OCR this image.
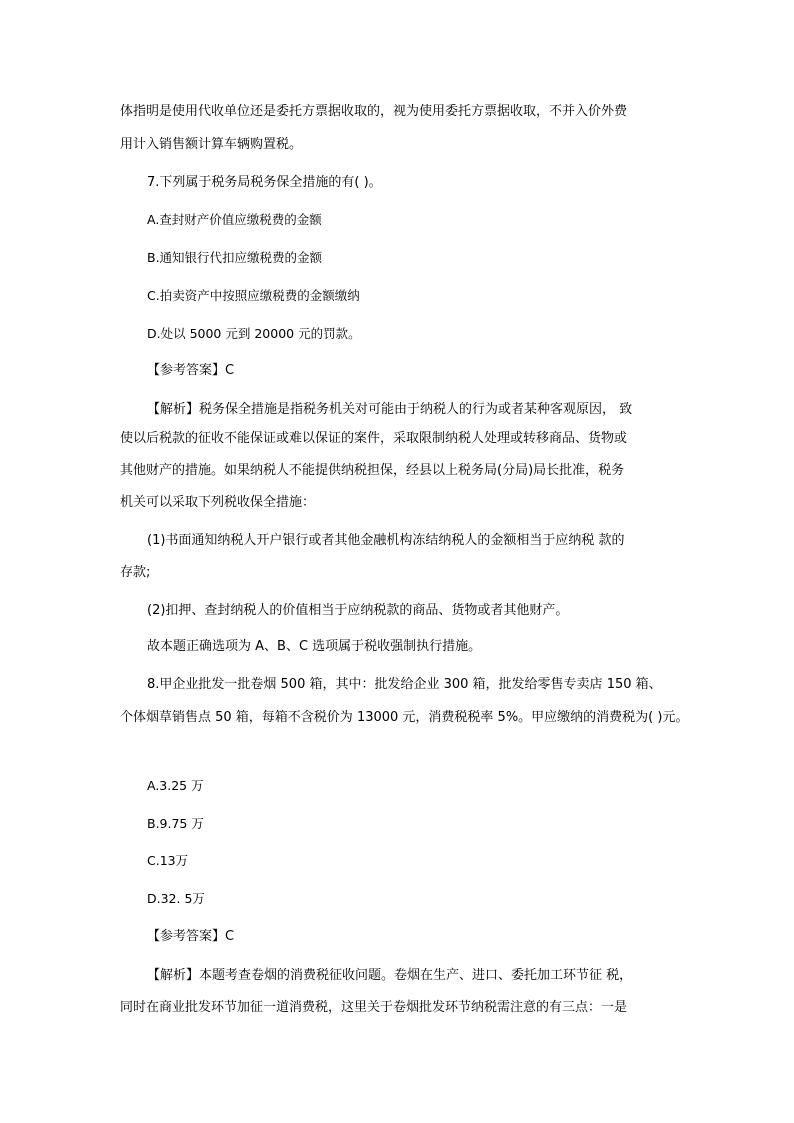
体指明是使用代收单位还是委托方票据收取的，视为使用委托方票据收取，不并入价外费

用计入销售额计算车辆购置税。

7.下列属于税务局税务保全措施的有( )。

A.查封财产价值应缴税费的金额

B.通知银行代扣应缴税费的金额

C.拍卖资产中按照应缴税费的金额缴纳

D.处以 5000 元到 20000 元的罚款。

【参考答案】C

【解析】税务保全措施是指税务机关对可能由于纳税人的行为或者某种客观原因， 致

使以后税款的征收不能保证或难以保证的案件，采取限制纳税人处理或转移商品、货物或

其他财产的措施。如果纳税人不能提供纳税担保，经县以上税务局(分局)局长批准，税务

机关可以采取下列税收保全措施：

(1)书面通知纳税人开户银行或者其他金融机构冻结纳税人的金额相当于应纳税 款的

存款;

(2)扣押、查封纳税人的价值相当于应纳税款的商品、货物或者其他财产。

故本题正确选项为 A、B、C 选项属于税收强制执行措施。

8.甲企业批发一批卷烟 500 箱，其中：批发给企业 300 箱，批发给零售专卖店 150 箱、

个体烟草销售点 50 箱，每箱不含税价为 13000 元，消费税税率 5%。甲应缴纳的消费税为( )元。

A.3.25 万

B.9.75 万

C.13万

D.32. 5万

【参考答案】C

【解析】本题考查卷烟的消费税征收问题。卷烟在生产、进口、委托加工环节征 税，

同时在商业批发环节加征一道消费税，这里关于卷烟批发环节纳税需注意的有三点：一是
